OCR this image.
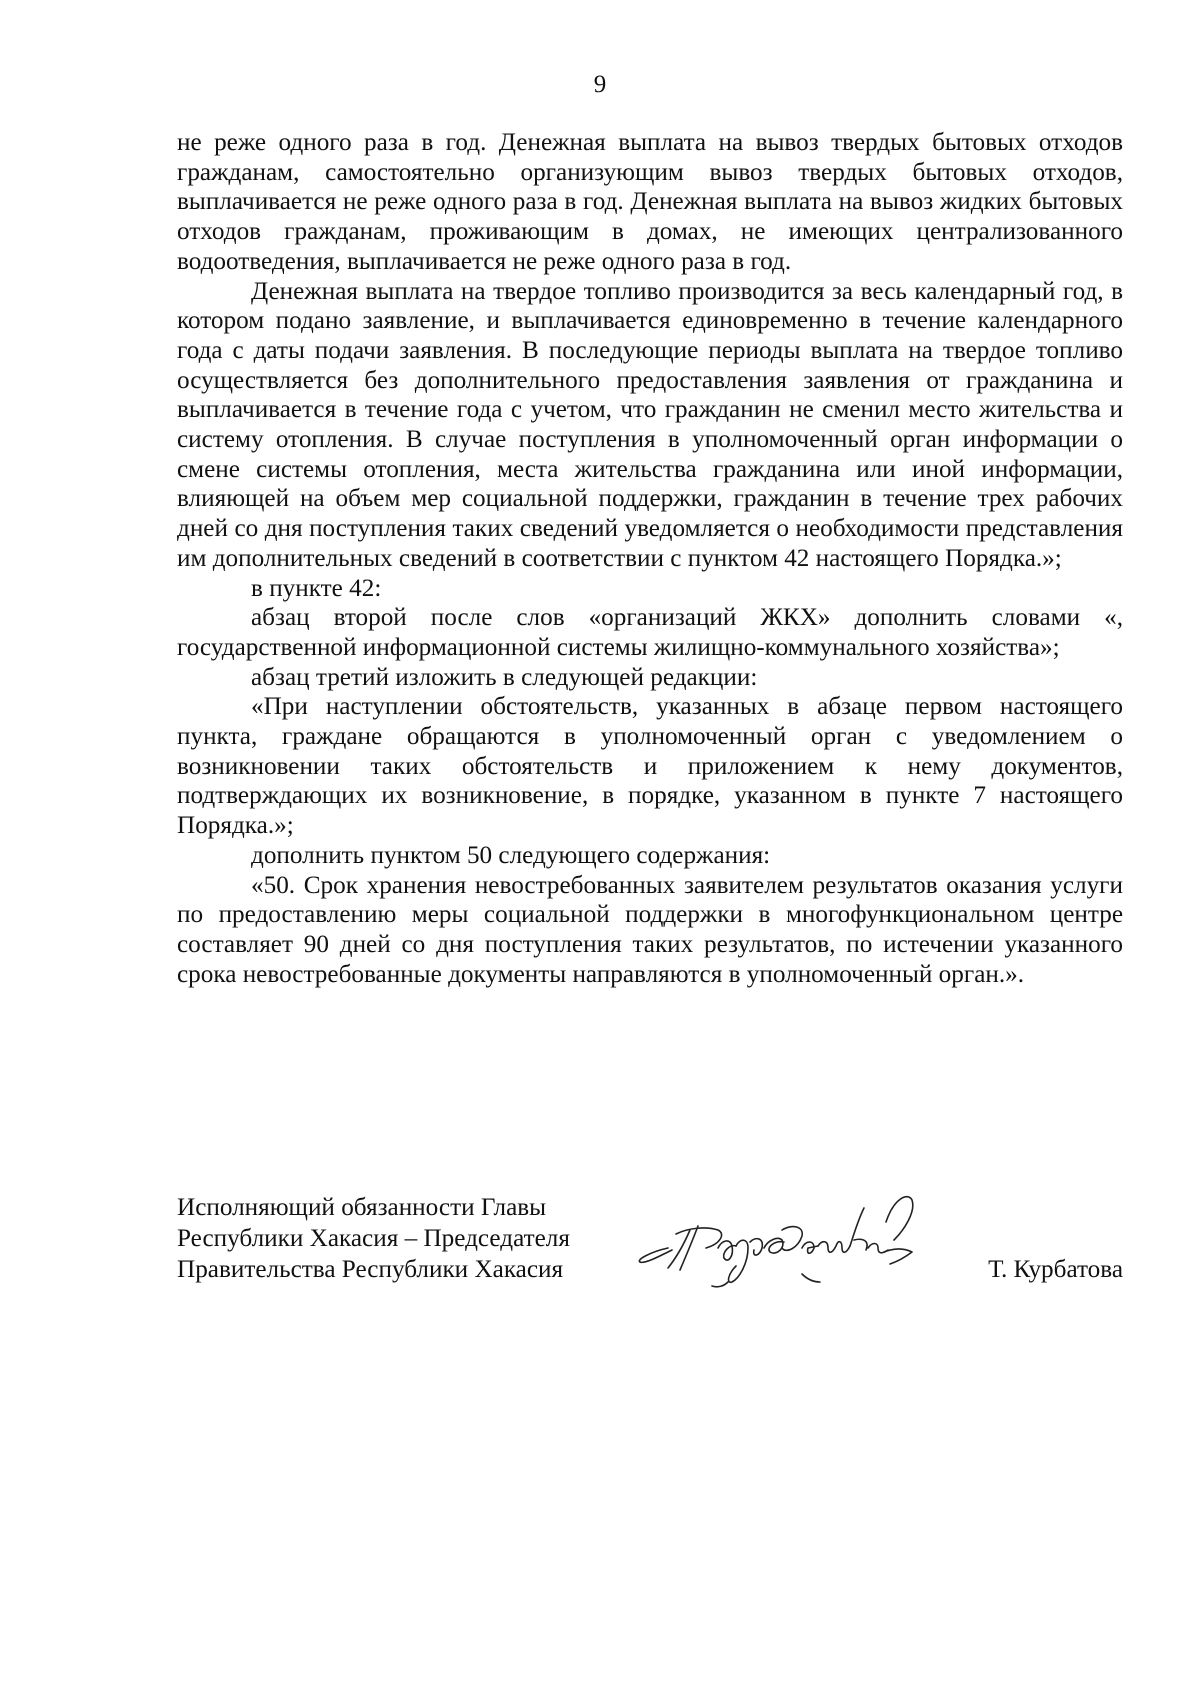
9

не реже одного раза в год. Денежная выплата на вывоз твердых бытовых отходов гражданам, самостоятельно организующим вывоз твердых бытовых отходов, выплачивается не реже одного раза в год. Денежная выплата на вывоз жидких бытовых отходов гражданам, проживающим в домах, не имеющих централизованного водоотведения, выплачивается не реже одного раза в год.

Денежная выплата на твердое топливо производится за весь календарный год, в котором подано заявление, и выплачивается единовременно в течение календарного года с даты подачи заявления. В последующие периоды выплата на твердое топливо осуществляется без дополнительного предоставления заявления от гражданина и выплачивается в течение года с учетом, что гражданин не сменил место жительства и систему отопления. В случае поступления в уполномоченный орган информации о смене системы отопления, места жительства гражданина или иной информации, влияющей на объем мер социальной поддержки, гражданин в течение трех рабочих дней со дня поступления таких сведений уведомляется о необходимости представления им дополнительных сведений в соответствии с пунктом 42 настоящего Порядка.»;

в пункте 42:

абзац второй после слов «организаций ЖКХ» дополнить словами «, государственной информационной системы жилищно-коммунального хозяйства»;

абзац третий изложить в следующей редакции:

«При наступлении обстоятельств, указанных в абзаце первом настоящего пункта, граждане обращаются в уполномоченный орган с уведомлением о возникновении таких обстоятельств и приложением к нему документов, подтверждающих их возникновение, в порядке, указанном в пункте 7 настоящего Порядка.»;

дополнить пунктом 50 следующего содержания:

«50. Срок хранения невостребованных заявителем результатов оказания услуги по предоставлению меры социальной поддержки в многофункциональном центре составляет 90 дней со дня поступления таких результатов, по истечении указанного срока невостребованные документы направляются в уполномоченный орган.».

Исполняющий обязанности Главы
Республики Хакасия – Председателя
Правительства Республики Хакасия	Т. Курбатова
